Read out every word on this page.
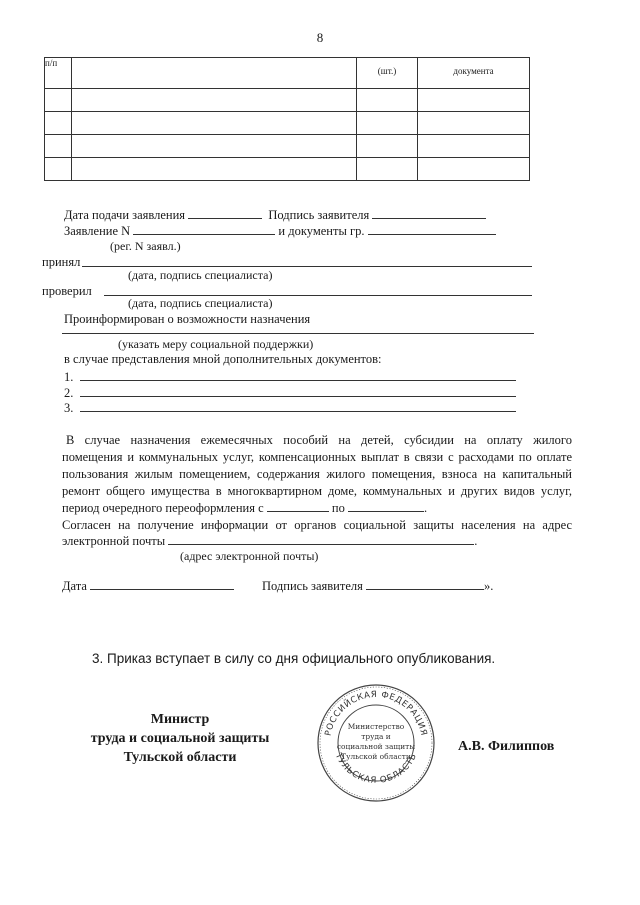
8
п/п		(шт.)	документа

Дата подачи заявления	Подпись заявителя
Заявление N	и документы гр.
(рег. N заявл.)
принял
(дата, подпись специалиста)
проверил
(дата, подпись специалиста)
Проинформирован о возможности назначения
(указать меру социальной поддержки)
в случае представления мной дополнительных документов:
1.
2.
3.
В случае назначения ежемесячных пособий на детей, субсидии на оплату жилого
помещения и коммунальных услуг, компенсационных выплат в связи с расходами по оплате
пользования жилым помещением, содержания жилого помещения, взноса на капитальный
ремонт общего имущества в многоквартирном доме, коммунальных и других видов услуг,
период очередного переоформления с	по	.
Согласен на получение информации от органов социальной защиты населения на адрес
электронной почты	.
(адрес электронной почты)
Дата	Подпись заявителя	».
3. Приказ вступает в силу со дня официального опубликования.
Министр
труда и социальной защиты
Тульской области
А.В. Филиппов
РОССИЙСКАЯ ФЕДЕРАЦИЯ
ТУЛЬСКАЯ ОБЛАСТЬ
Министерство
труда и
социальной защиты
Тульской области
